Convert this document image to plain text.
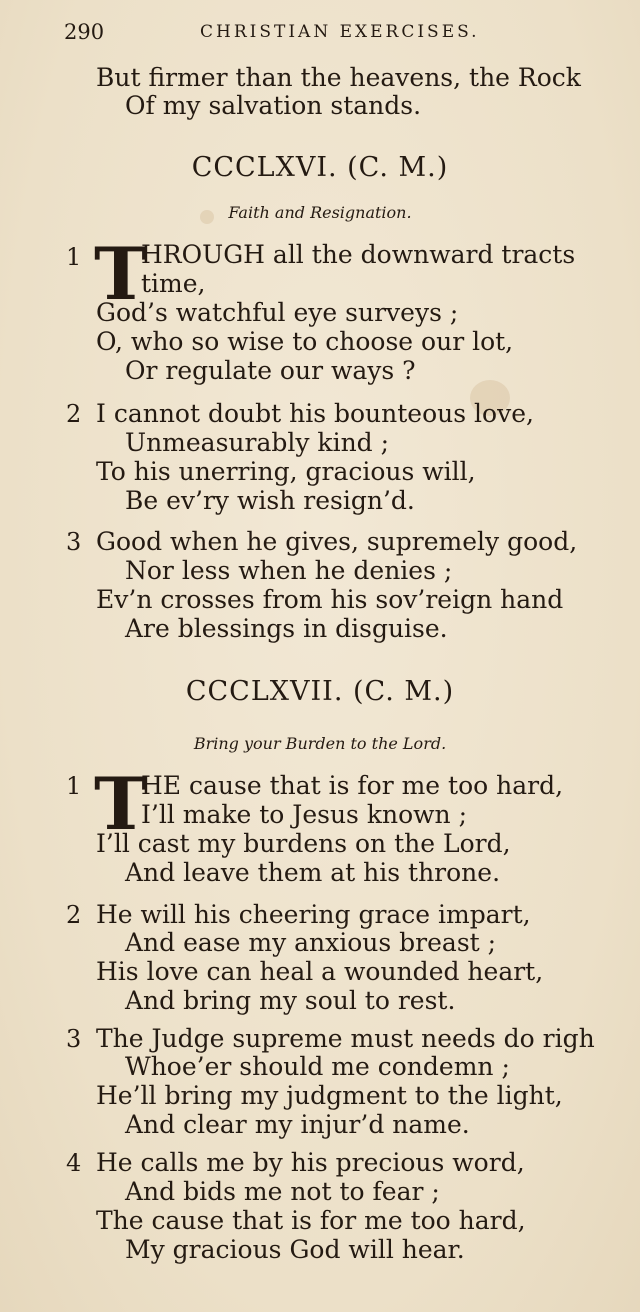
290	CHRISTIAN EXERCISES.
But firmer than the heavens, the Rock
Of my salvation stands.
CCCLXVI. (C. M.)
Faith and Resignation.
1 T
HROUGH all the downward tracts
time,
God’s watchful eye surveys ;
O, who so wise to choose our lot,
Or regulate our ways ?
2 I cannot doubt his bounteous love,
Unmeasurably kind ;
To his unerring, gracious will,
Be ev’ry wish resign’d.
3 Good when he gives, supremely good,
Nor less when he denies ;
Ev’n crosses from his sov’reign hand
Are blessings in disguise.
CCCLXVII. (C. M.)
Bring your Burden to the Lord.
1 T
HE cause that is for me too hard,
I’ll make to Jesus known ;
I’ll cast my burdens on the Lord,
And leave them at his throne.
2 He will his cheering grace impart,
And ease my anxious breast ;
His love can heal a wounded heart,
And bring my soul to rest.
3 The Judge supreme must needs do righ
Whoe’er should me condemn ;
He’ll bring my judgment to the light,
And clear my injur’d name.
4 He calls me by his precious word,
And bids me not to fear ;
The cause that is for me too hard,
My gracious God will hear.
